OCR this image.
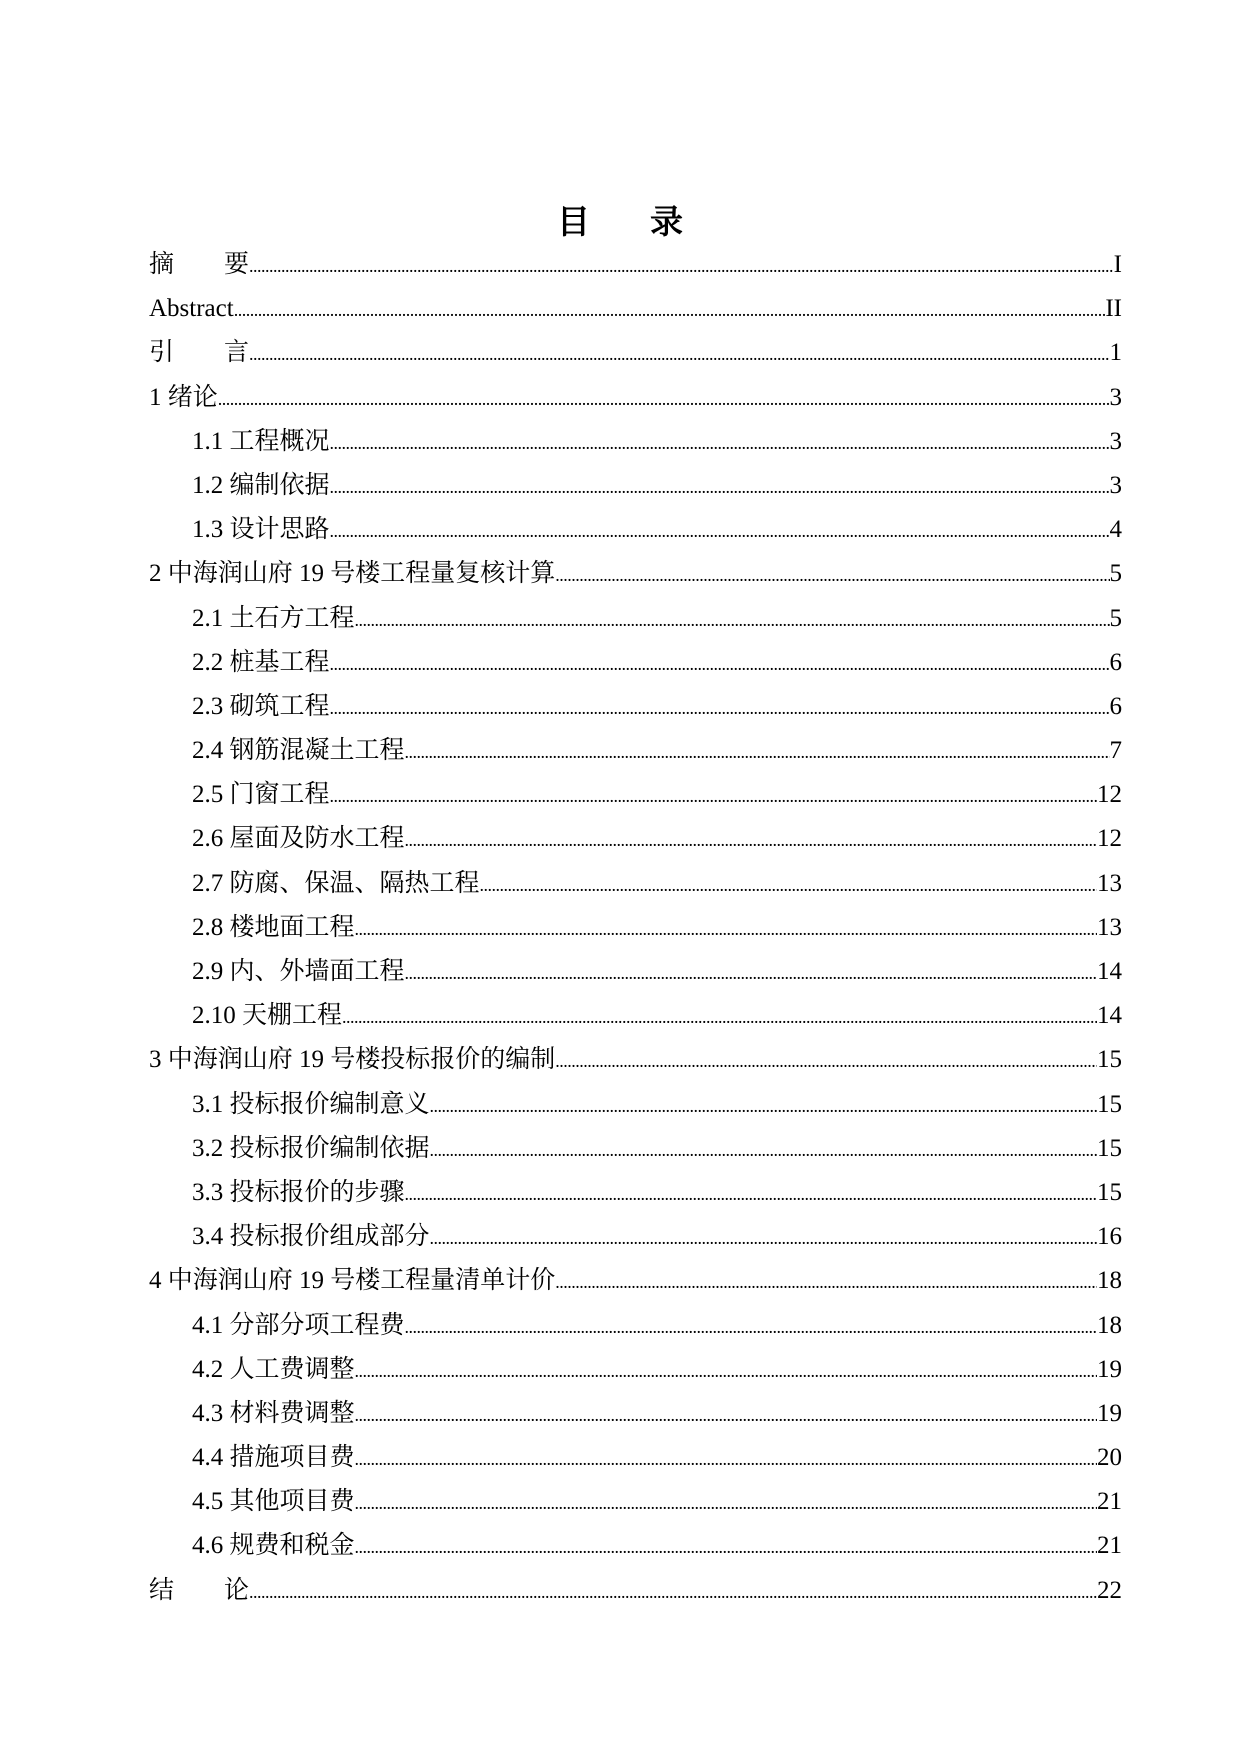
目 录
摘　　要 .....	I
Abstract .....	II
引　　言 .....	1
1 绪论 .....	3
1.1 工程概况 .....	3
1.2 编制依据 .....	3
1.3 设计思路 .....	4
2 中海润山府 19 号楼工程量复核计算 .....	5
2.1 土石方工程 .....	5
2.2 桩基工程 .....	6
2.3 砌筑工程 .....	6
2.4 钢筋混凝土工程 .....	7
2.5 门窗工程 .....	12
2.6 屋面及防水工程 .....	12
2.7 防腐、保温、隔热工程 .....	13
2.8 楼地面工程 .....	13
2.9 内、外墙面工程 .....	14
2.10 天棚工程 .....	14
3 中海润山府 19 号楼投标报价的编制 .....	15
3.1 投标报价编制意义 .....	15
3.2 投标报价编制依据 .....	15
3.3 投标报价的步骤 .....	15
3.4 投标报价组成部分 .....	16
4 中海润山府 19 号楼工程量清单计价 .....	18
4.1 分部分项工程费 .....	18
4.2 人工费调整 .....	19
4.3 材料费调整 .....	19
4.4 措施项目费 .....	20
4.5 其他项目费 .....	21
4.6 规费和税金 .....	21
结　　论 .....	22
